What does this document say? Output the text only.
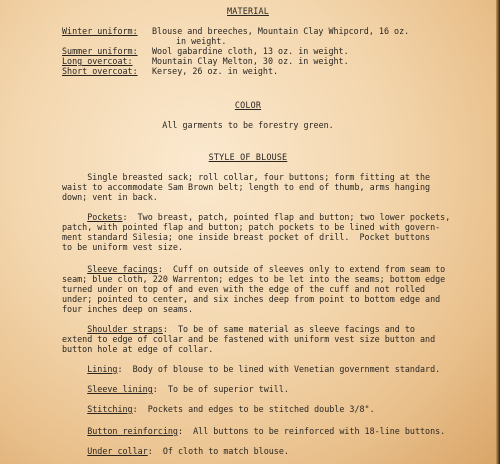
MATERIAL
Winter uniform: Blouse and breeches, Mountain Clay Whipcord, 16 oz.
in weight.
Summer uniform: Wool gabardine cloth, 13 oz. in weight.
Long overcoat: Mountain Clay Melton, 30 oz. in weight.
Short overcoat: Kersey, 26 oz. in weight.
COLOR
All garments to be forestry green.
STYLE OF BLOUSE
Single breasted sack; roll collar, four buttons; form fitting at the
waist to accommodate Sam Brown belt; length to end of thumb, arms hanging
down; vent in back.
Pockets:  Two breast, patch, pointed flap and button; two lower pockets,
patch, with pointed flap and button; patch pockets to be lined with govern-
ment standard Silesia; one inside breast pocket of drill.  Pocket buttons
to be uniform vest size.
Sleeve facings:  Cuff on outside of sleeves only to extend from seam to
seam; blue cloth, 220 Warrenton; edges to be let into the seams; bottom edge
turned under on top of and even with the edge of the cuff and not rolled
under; pointed to center, and six inches deep from point to bottom edge and
four inches deep on seams.
Shoulder straps:  To be of same material as sleeve facings and to
extend to edge of collar and be fastened with uniform vest size button and
button hole at edge of collar.
Lining:  Body of blouse to be lined with Venetian government standard.
Sleeve lining:  To be of superior twill.
Stitching:  Pockets and edges to be stitched double 3/8".
Button reinforcing:  All buttons to be reinforced with 18-line buttons.
Under collar:  Of cloth to match blouse.
